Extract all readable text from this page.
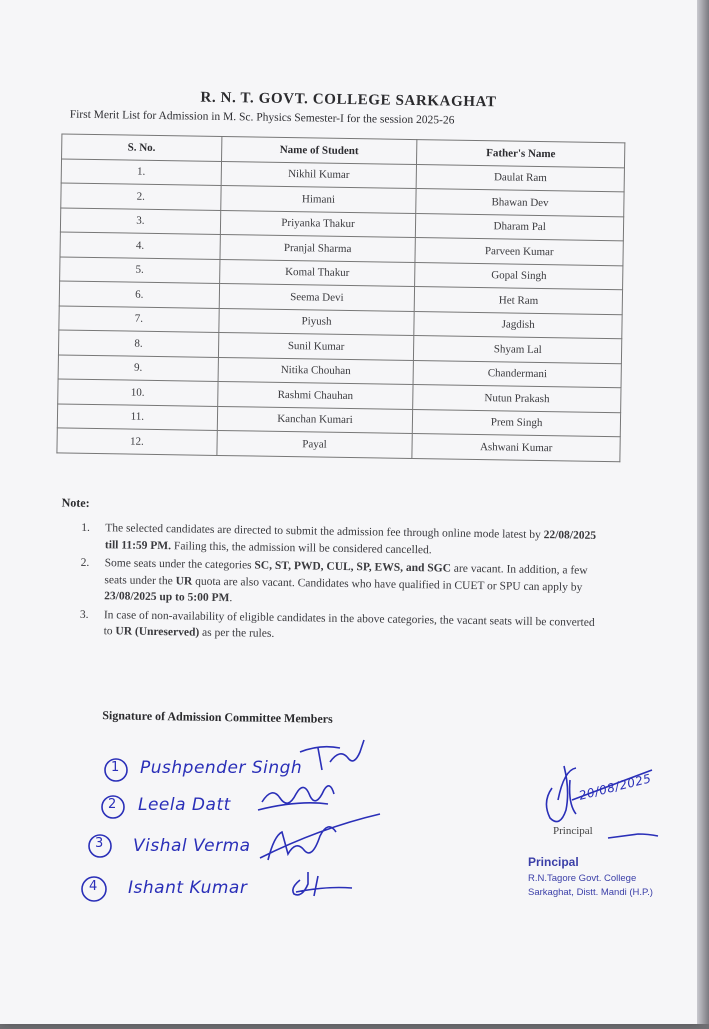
R. N. T. GOVT. COLLEGE SARKAGHAT
First Merit List for Admission in M. Sc. Physics Semester-I for the session 2025-26
S. No.	Name of Student	Father's Name
1.	Nikhil Kumar	Daulat Ram
2.	Himani	Bhawan Dev
3.	Priyanka Thakur	Dharam Pal
4.	Pranjal Sharma	Parveen Kumar
5.	Komal Thakur	Gopal Singh
6.	Seema Devi	Het Ram
7.	Piyush	Jagdish
8.	Sunil Kumar	Shyam Lal
9.	Nitika Chouhan	Chandermani
10.	Rashmi Chauhan	Nutun Prakash
11.	Kanchan Kumari	Prem Singh
12.	Payal	Ashwani Kumar
Note:
1. The selected candidates are directed to submit the admission fee through online mode latest by 22/08/2025 till 11:59 PM. Failing this, the admission will be considered cancelled.
2. Some seats under the categories SC, ST, PWD, CUL, SP, EWS, and SGC are vacant. In addition, a few seats under the UR quota are also vacant. Candidates who have qualified in CUET or SPU can apply by 23/08/2025 up to 5:00 PM.
3. In case of non-availability of eligible candidates in the above categories, the vacant seats will be converted to UR (Unreserved) as per the rules.
Signature of Admission Committee Members
1 Pushpender Singh
2 Leela Datt
3 Vishal Verma
4 Ishant Kumar
20/08/2025
Principal
Principal
R.N.Tagore Govt. College
Sarkaghat, Distt. Mandi (H.P.)
